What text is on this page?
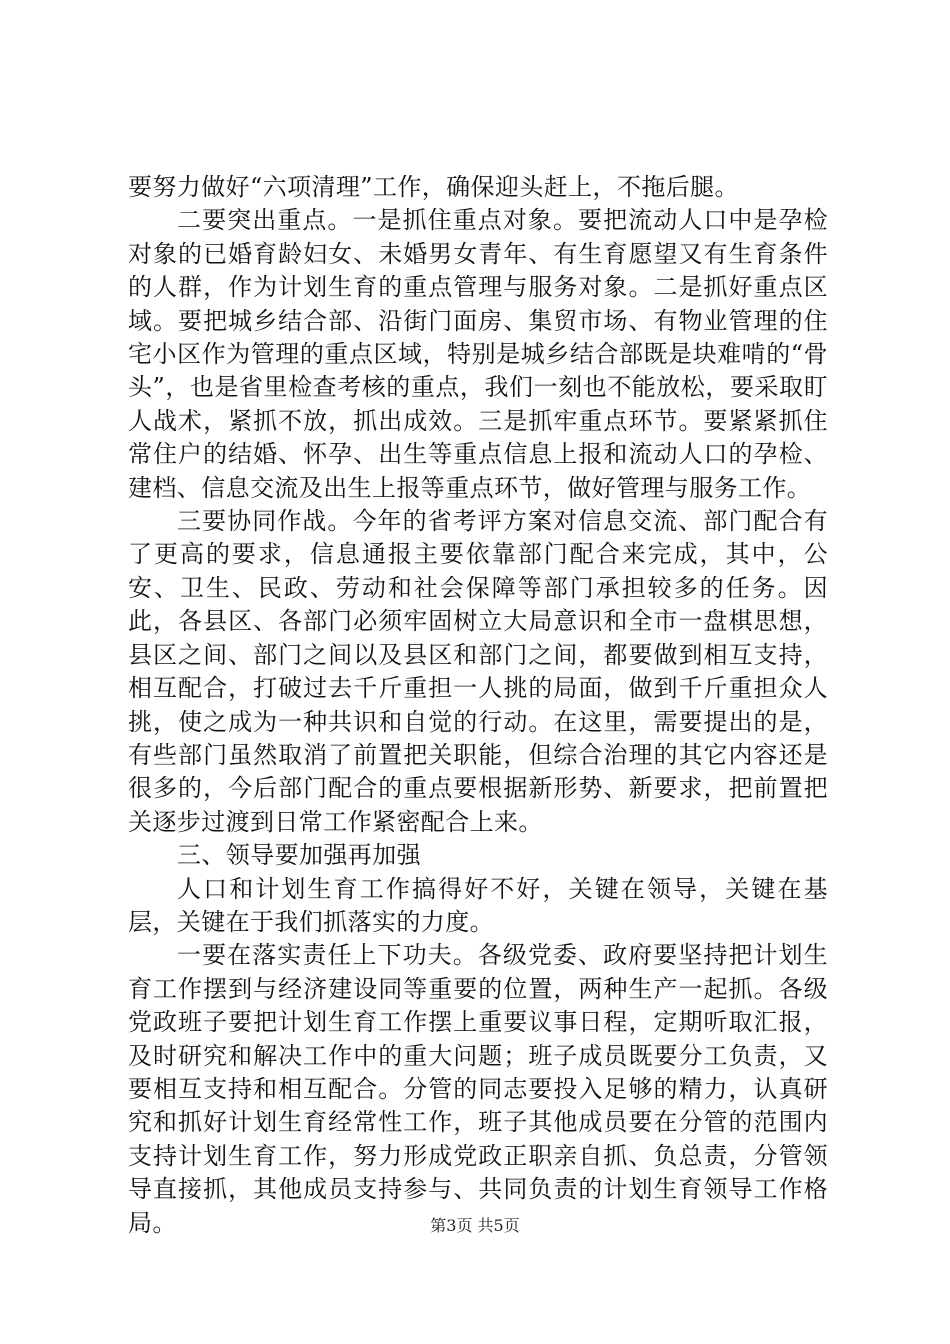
要努力做好“六项清理”工作，确保迎头赶上，不拖后腿。

二要突出重点。一是抓住重点对象。要把流动人口中是孕检对象的已婚育龄妇女、未婚男女青年、有生育愿望又有生育条件的人群，作为计划生育的重点管理与服务对象。二是抓好重点区域。要把城乡结合部、沿街门面房、集贸市场、有物业管理的住宅小区作为管理的重点区域，特别是城乡结合部既是块难啃的“骨头”，也是省里检查考核的重点，我们一刻也不能放松，要采取盯人战术，紧抓不放，抓出成效。三是抓牢重点环节。要紧紧抓住常住户的结婚、怀孕、出生等重点信息上报和流动人口的孕检、建档、信息交流及出生上报等重点环节，做好管理与服务工作。

三要协同作战。今年的省考评方案对信息交流、部门配合有了更高的要求，信息通报主要依靠部门配合来完成，其中，公安、卫生、民政、劳动和社会保障等部门承担较多的任务。因此，各县区、各部门必须牢固树立大局意识和全市一盘棋思想，县区之间、部门之间以及县区和部门之间，都要做到相互支持，相互配合，打破过去千斤重担一人挑的局面，做到千斤重担众人挑，使之成为一种共识和自觉的行动。在这里，需要提出的是，有些部门虽然取消了前置把关职能，但综合治理的其它内容还是很多的，今后部门配合的重点要根据新形势、新要求，把前置把关逐步过渡到日常工作紧密配合上来。

三、领导要加强再加强

人口和计划生育工作搞得好不好，关键在领导，关键在基层，关键在于我们抓落实的力度。

一要在落实责任上下功夫。各级党委、政府要坚持把计划生育工作摆到与经济建设同等重要的位置，两种生产一起抓。各级党政班子要把计划生育工作摆上重要议事日程，定期听取汇报，及时研究和解决工作中的重大问题；班子成员既要分工负责，又要相互支持和相互配合。分管的同志要投入足够的精力，认真研究和抓好计划生育经常性工作，班子其他成员要在分管的范围内支持计划生育工作，努力形成党政正职亲自抓、负总责，分管领导直接抓，其他成员支持参与、共同负责的计划生育领导工作格局。	第3页 共5页
